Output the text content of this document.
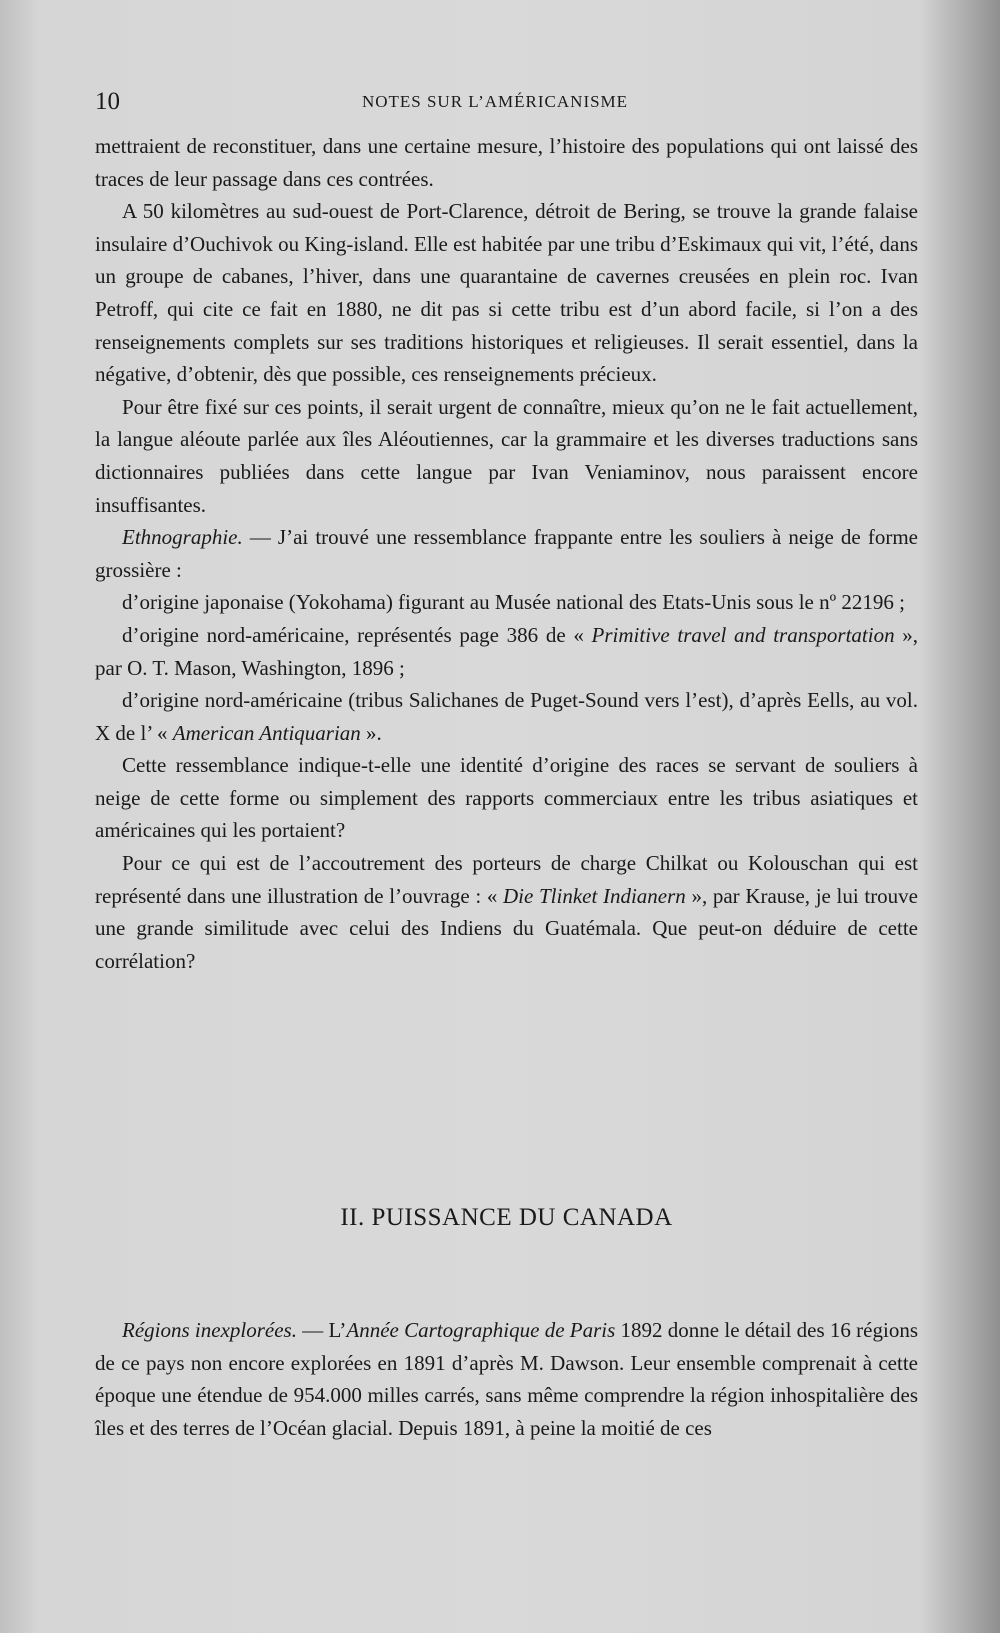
10	NOTES SUR L’AMÉRICANISME

mettraient de reconstituer, dans une certaine mesure, l’histoire des populations qui ont laissé des traces de leur passage dans ces contrées.

A 50 kilomètres au sud-ouest de Port-Clarence, détroit de Bering, se trouve la grande falaise insulaire d’Ouchivok ou King-island. Elle est habitée par une tribu d’Eskimaux qui vit, l’été, dans un groupe de cabanes, l’hiver, dans une quarantaine de cavernes creusées en plein roc. Ivan Petroff, qui cite ce fait en 1880, ne dit pas si cette tribu est d’un abord facile, si l’on a des renseignements complets sur ses traditions historiques et religieuses. Il serait essentiel, dans la négative, d’obtenir, dès que possible, ces renseignements précieux.

Pour être fixé sur ces points, il serait urgent de connaître, mieux qu’on ne le fait actuellement, la langue aléoute parlée aux îles Aléoutiennes, car la grammaire et les diverses traductions sans dictionnaires publiées dans cette langue par Ivan Veniaminov, nous paraissent encore insuffisantes.

Ethnographie. — J’ai trouvé une ressemblance frappante entre les souliers à neige de forme grossière :

d’origine japonaise (Yokohama) figurant au Musée national des Etats-Unis sous le nº 22196 ;

d’origine nord-américaine, représentés page 386 de « Primitive travel and transportation », par O. T. Mason, Washington, 1896 ;

d’origine nord-américaine (tribus Salichanes de Puget-Sound vers l’est), d’après Eells, au vol. X de l’ « American Antiquarian ».

Cette ressemblance indique-t-elle une identité d’origine des races se servant de souliers à neige de cette forme ou simplement des rapports commerciaux entre les tribus asiatiques et américaines qui les portaient?

Pour ce qui est de l’accoutrement des porteurs de charge Chilkat ou Kolouschan qui est représenté dans une illustration de l’ouvrage : « Die Tlinket Indianern », par Krause, je lui trouve une grande similitude avec celui des Indiens du Guatémala. Que peut-on déduire de cette corrélation?

II. PUISSANCE DU CANADA

Régions inexplorées. — L’Année Cartographique de Paris 1892 donne le détail des 16 régions de ce pays non encore explorées en 1891 d’après M. Dawson. Leur ensemble comprenait à cette époque une étendue de 954.000 milles carrés, sans même comprendre la région inhospitalière des îles et des terres de l’Océan glacial. Depuis 1891, à peine la moitié de ces
